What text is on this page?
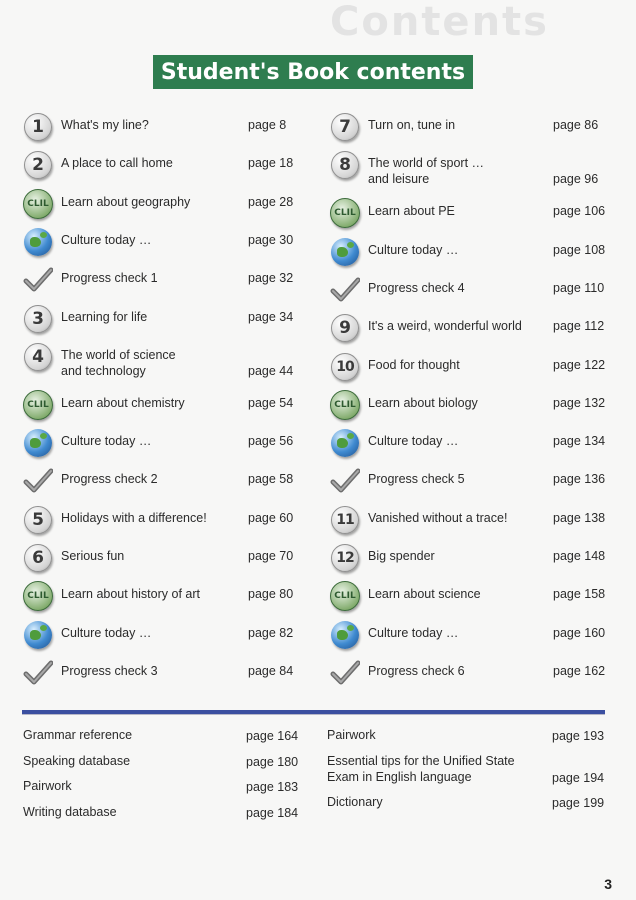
Contents
Student's Book contents
1	What's my line?	page 8
2	A place to call home	page 18
CLIL Learn about geography	page 28
Culture today …	page 30
Progress check 1	page 32
3	Learning for life	page 34
4	The world of science
and technology	page 44
CLIL Learn about chemistry	page 54
Culture today …	page 56
Progress check 2	page 58
5	Holidays with a difference!	page 60
6	Serious fun	page 70
CLIL Learn about history of art	page 80
Culture today …	page 82
Progress check 3	page 84
7	Turn on, tune in	page 86
8	The world of sport …
and leisure	page 96
CLIL Learn about PE	page 106
Culture today …	page 108
Progress check 4	page 110
9	It's a weird, wonderful world page 112
10	Food for thought	page 122
CLIL Learn about biology	page 132
Culture today …	page 134
Progress check 5	page 136
11	Vanished without a trace!	page 138
12	Big spender	page 148
CLIL Learn about science	page 158
Culture today …	page 160
Progress check 6	page 162
Grammar reference	page 164
Speaking database	page 180
Pairwork	page 183
Writing database	page 184
Pairwork	page 193
Essential tips for the Unified State
Exam in English language	page 194
Dictionary	page 199
3
